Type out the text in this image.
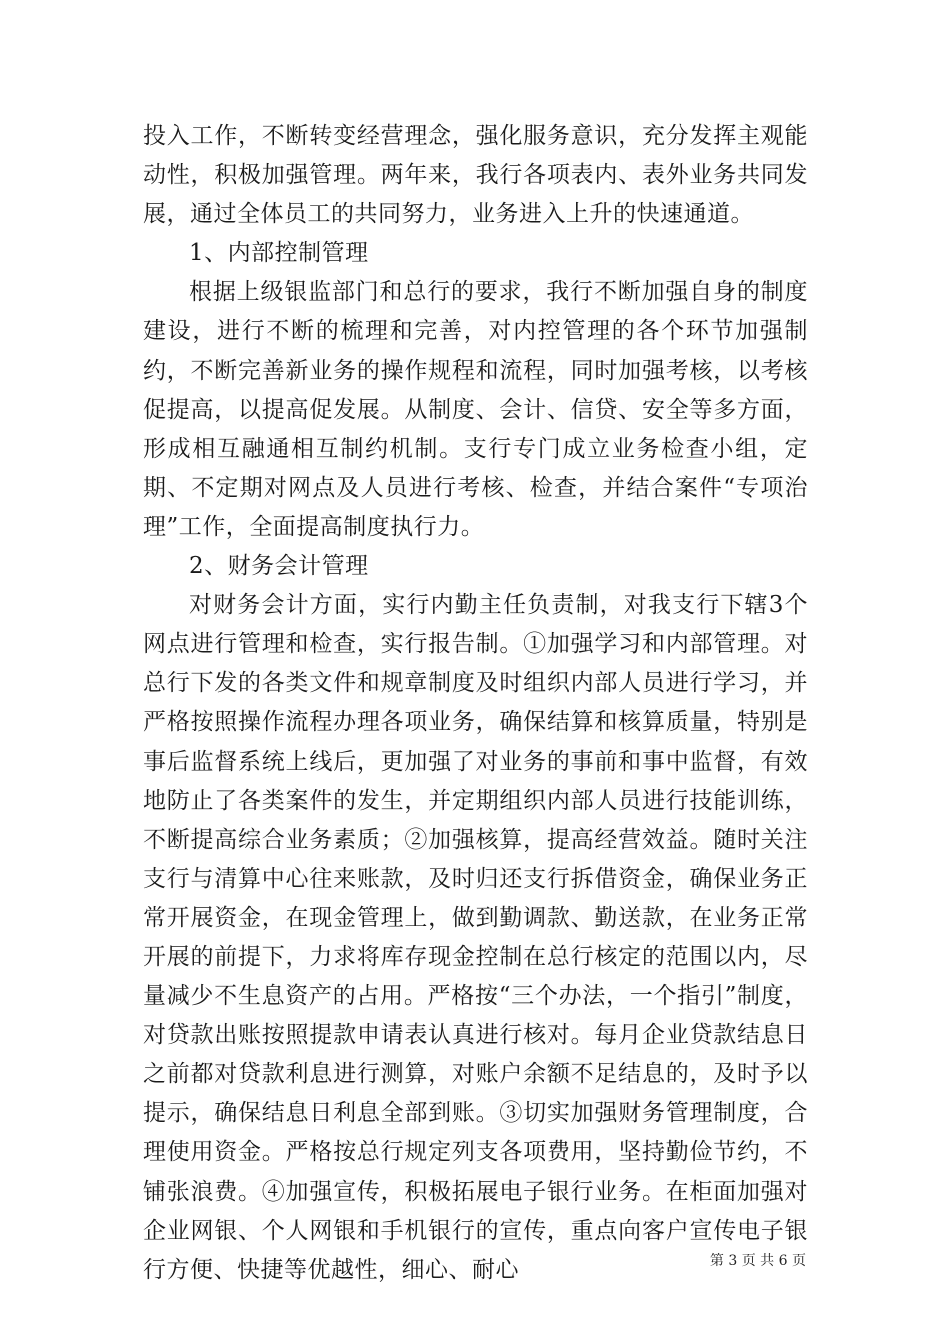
投入工作，不断转变经营理念，强化服务意识，充分发挥主观能动性，积极加强管理。两年来，我行各项表内、表外业务共同发展，通过全体员工的共同努力，业务进入上升的快速通道。

1、内部控制管理

根据上级银监部门和总行的要求，我行不断加强自身的制度建设，进行不断的梳理和完善，对内控管理的各个环节加强制约，不断完善新业务的操作规程和流程，同时加强考核，以考核促提高，以提高促发展。从制度、会计、信贷、安全等多方面，形成相互融通相互制约机制。支行专门成立业务检查小组，定期、不定期对网点及人员进行考核、检查，并结合案件“专项治理”工作，全面提高制度执行力。

2、财务会计管理

对财务会计方面，实行内勤主任负责制，对我支行下辖3个网点进行管理和检查，实行报告制。①加强学习和内部管理。对总行下发的各类文件和规章制度及时组织内部人员进行学习，并严格按照操作流程办理各项业务，确保结算和核算质量，特别是事后监督系统上线后，更加强了对业务的事前和事中监督，有效地防止了各类案件的发生，并定期组织内部人员进行技能训练，不断提高综合业务素质；②加强核算，提高经营效益。随时关注支行与清算中心往来账款，及时归还支行拆借资金，确保业务正常开展资金，在现金管理上，做到勤调款、勤送款，在业务正常开展的前提下，力求将库存现金控制在总行核定的范围以内，尽量减少不生息资产的占用。严格按“三个办法，一个指引”制度，对贷款出账按照提款申请表认真进行核对。每月企业贷款结息日之前都对贷款利息进行测算，对账户余额不足结息的，及时予以提示，确保结息日利息全部到账。③切实加强财务管理制度，合理使用资金。严格按总行规定列支各项费用，坚持勤俭节约，不铺张浪费。④加强宣传，积极拓展电子银行业务。在柜面加强对企业网银、个人网银和手机银行的宣传，重点向客户宣传电子银行方便、快捷等优越性，细心、耐心	第 3 页 共 6 页
